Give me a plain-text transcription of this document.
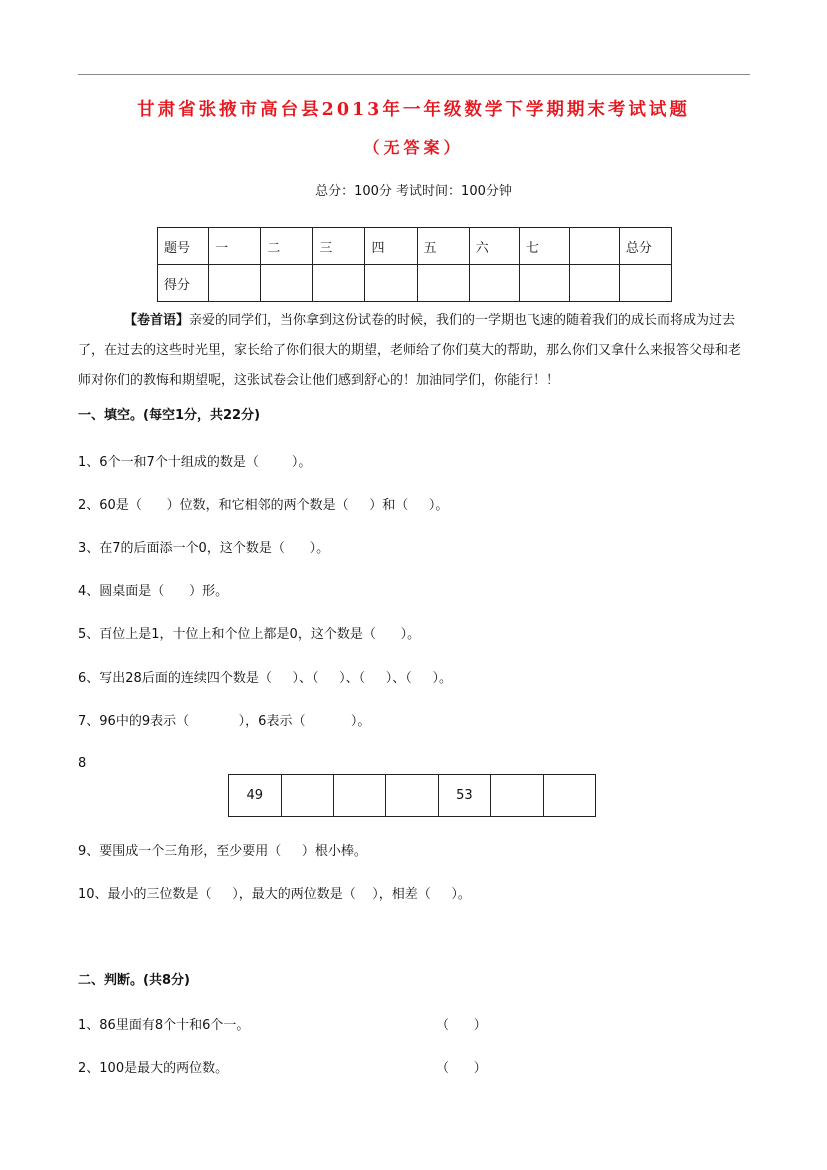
甘肃省张掖市高台县2013年一年级数学下学期期末考试试题
（无答案）
总分：100分 考试时间：100分钟
题号	一	二	三	四	五	六	七		总分
得分									
【卷首语】亲爱的同学们，当你拿到这份试卷的时候，我们的一学期也飞速的随着我们的成长而将成为过去了，在过去的这些时光里，家长给了你们很大的期望，老师给了你们莫大的帮助，那么你们又拿什么来报答父母和老师对你们的教悔和期望呢，这张试卷会让他们感到舒心的！加油同学们，你能行！！
一、填空。(每空1分，共22分)
1、6个一和7个十组成的数是（        ）。
2、60是（      ）位数，和它相邻的两个数是（     ）和（     ）。
3、在7的后面添一个0，这个数是（      ）。
4、圆桌面是（      ）形。
5、百位上是1，十位上和个位上都是0，这个数是（      ）。
6、写出28后面的连续四个数是（     ）、（     ）、（     ）、（     ）。
7、96中的9表示（            ），6表示（           ）。
8
49				53		
9、要围成一个三角形，至少要用（     ）根小棒。
10、最小的三位数是（     ），最大的两位数是（    ），相差（     ）。
二、判断。(共8分)
1、86里面有8个十和6个一。	（      ）
2、100是最大的两位数。	（      ）
